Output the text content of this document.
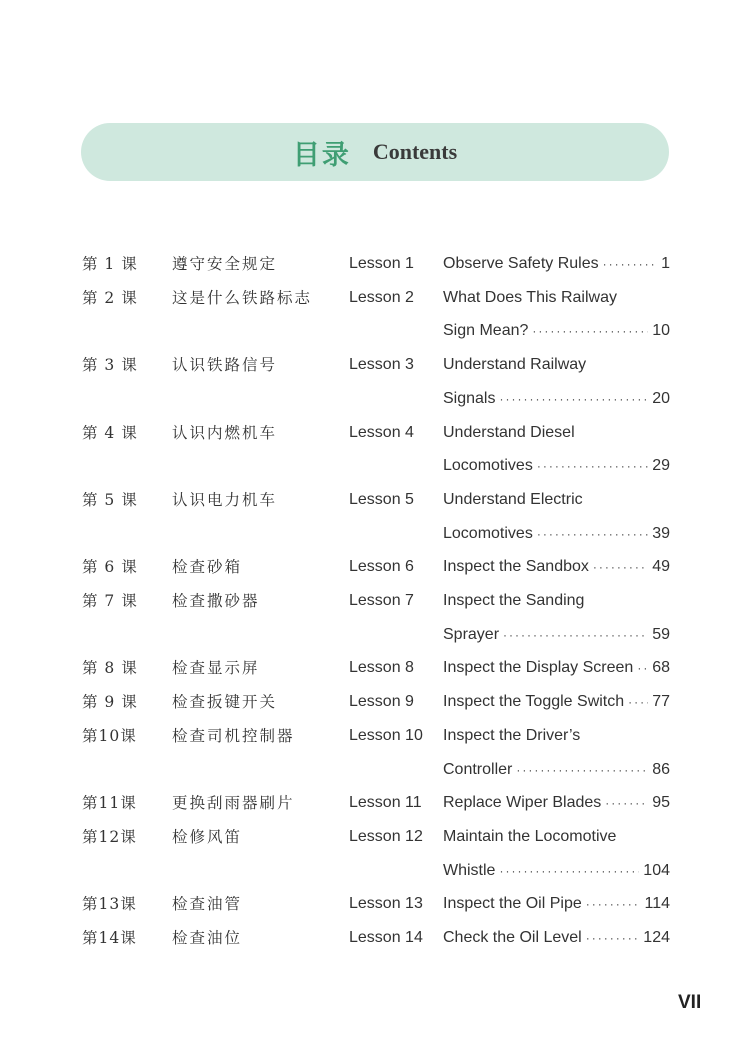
目录 Contents
第 1 课	遵守安全规定	Lesson 1 Observe Safety Rules ·····	1
第 2 课	这是什么铁路标志 Lesson 2 What Does This Railway
Sign Mean? ·····	10
第 3 课	认识铁路信号	Lesson 3 Understand Railway
Signals ·····	20
第 4 课	认识内燃机车	Lesson 4 Understand Diesel
Locomotives ·····	29
第 5 课	认识电力机车	Lesson 5 Understand Electric
Locomotives ·····	39
第 6 课	检查砂箱	Lesson 6 Inspect the Sandbox ·····	49
第 7 课	检查撒砂器	Lesson 7 Inspect the Sanding
Sprayer ·····	59
第 8 课	检查显示屏	Lesson 8 Inspect the Display Screen ····· 68
第 9 课	检查扳键开关	Lesson 9 Inspect the Toggle Switch ····· 77
第10课	检查司机控制器	Lesson 10 Inspect the Driver’s
Controller ·····	86
第11课	更换刮雨器刷片	Lesson 11 Replace Wiper Blades ·····	95
第12课	检修风笛	Lesson 12 Maintain the Locomotive
Whistle ·····	104
第13课	检查油管	Lesson 13 Inspect the Oil Pipe ·····	114
第14课	检查油位	Lesson 14 Check the Oil Level ·····	124
VII
